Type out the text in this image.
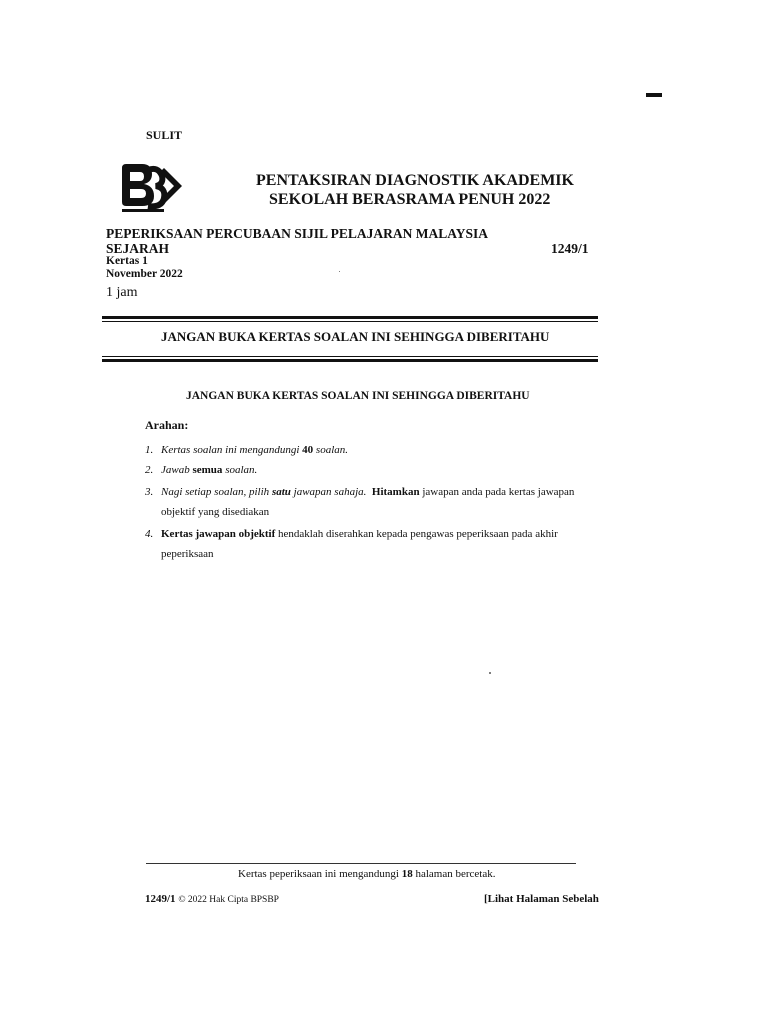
SULIT
PENTAKSIRAN DIAGNOSTIK AKADEMIK
SEKOLAH BERASRAMA PENUH 2022
PEPERIKSAAN PERCUBAAN SIJIL PELAJARAN MALAYSIA
SEJARAH	1249/1
Kertas 1
November 2022
1 jam
JANGAN BUKA KERTAS SOALAN INI SEHINGGA DIBERITAHU
JANGAN BUKA KERTAS SOALAN INI SEHINGGA DIBERITAHU
Arahan:
1. Kertas soalan ini mengandungi 40 soalan.
2. Jawab semua soalan.
3. Nagi setiap soalan, pilih satu jawapan sahaja. Hitamkan jawapan anda pada kertas jawapan
objektif yang disediakan
4. Kertas jawapan objektif hendaklah diserahkan kepada pengawas peperiksaan pada akhir
peperiksaan
Kertas peperiksaan ini mengandungi 18 halaman bercetak.
1249/1 © 2022 Hak Cipta BPSBP	[Lihat Halaman Sebelah
